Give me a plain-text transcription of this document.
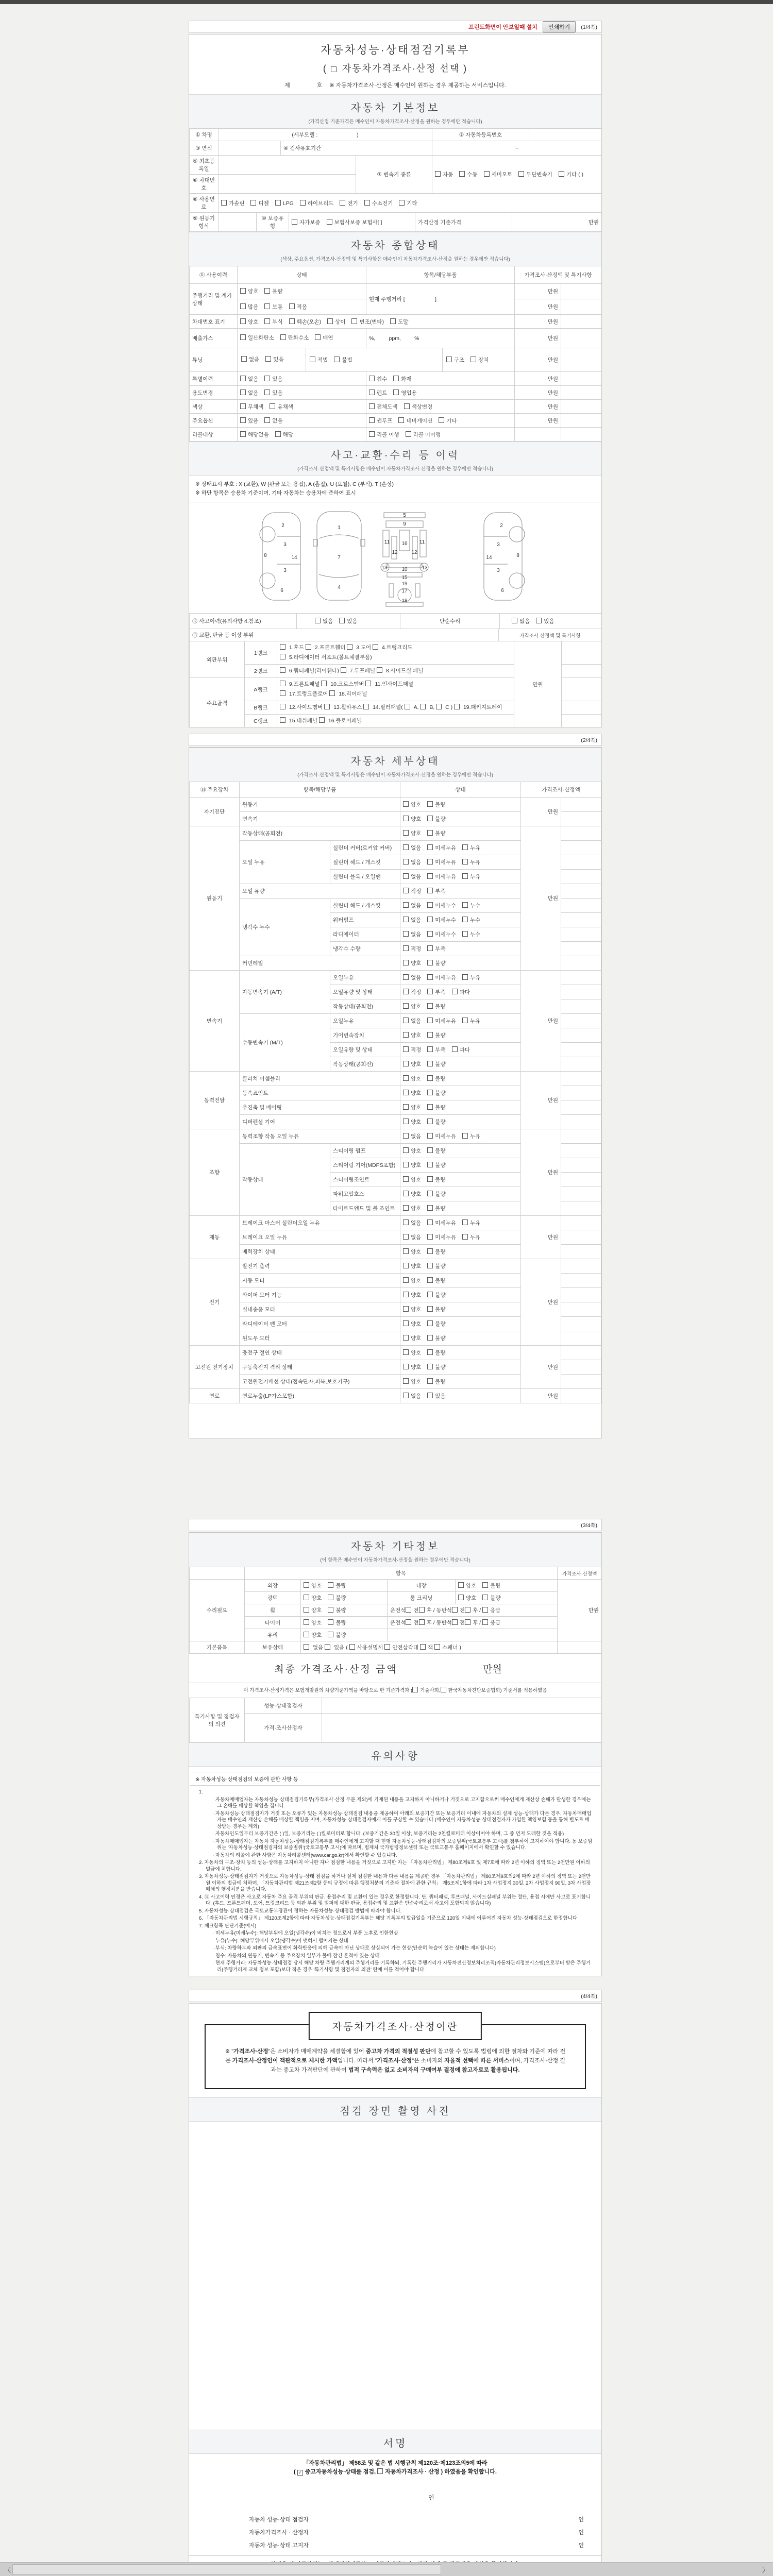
프린트화면이 안보일때 설치	인쇄하기	(1/4쪽)
자동차성능·상태점검기록부
(  자동차가격조사·산정 선택 )
제                 호 ※ 자동차가격조사·산정은 매수인이 원하는 경우 제공하는 서비스입니다.
자동차 기본정보
(가격산정 기준가격은 매수인이 자동차가격조사·산정을 원하는 경우에만 적습니다)
① 차명	(세부모델 :                          )	② 자동차등록번호	
③ 연식		④ 검사유효기간	~
⑤ 최초등록일		⑦ 변속기 종류	자동 수동 세미오토 무단변속기 기타 ( )

⑥ 차대번호			
⑧ 사용연료	가솔린	디젤	LPG	하이브리드	전기	수소전기	기타
⑨ 원동기형식		⑩ 보증유형	자가보증	보험사보증 보험사[ ]	가격산정 기준가격	만원
자동차 종합상태
(색상, 주요옵션, 가격조사·산정액 및 특기사항은 매수인이 자동차가격조사·산정을 원하는 경우에만 적습니다)
⑪ 사용이력	상태	항목/해당부품	가격조사·산정액 및 특기사항	
주행거리 및 계기상태	양호 불량	현재 주행거리 [                    ]	만원	
	많음 보통 적음		만원	
차대번호 표기	양호 부식 훼손(오손) 상이 변조(변타) 도말		만원	
배출가스	일산화탄소 탄화수소 매연	%,         ppm,         %	만원	
튜닝	없음 있음 적법 불법 구조 장치		만원	
특별이력	없음 있음	침수 화재	만원	
용도변경	없음 있음	렌트 영업용	만원	
색상	무채색 유채색	전체도색 색상변경	만원	
주요옵션	있음 없음	썬루프 네비게이션 기타	만원	
리콜대상	해당없음 해당	리콜 이행 리콜 미이행		
사고·교환·수리 등 이력
(가격조사·산정액 및 특기사항은 매수인이 자동차가격조사·산정을 원하는 경우에만 적습니다)
※ 상태표시 부호 : X (교환), W (판금 또는 용접), A (흠집), U (요철), C (부식), T (손상)
※ 하단 항목은 승용차 기준이며, 기타 자동차는 승용차에 준하여 표시
2
3
8	14
3
6
1
7
4
5
9
11	11
12	12
16
13	13
10
15
19
17
18
2
3
8
14
3
6
⑫ 사고이력(유의사항 4.참조)	없음	있음	단순수리	없음	있음
⑬ 교환, 판금 등 이상 부위	가격조사·산정액 및 특기사항
외판부위	1랭크	1.후드  2.프론트휀더  3.도어  4.트렁크리드
5.라디에이터 서포트(볼트체결부품)	만원	
	2랭크	6.쿼터패널(리어휀다)  7.루프패널  8.사이드실 패널		

주요골격	A랭크	9.프론트패널  10.크로스멤버  11.인사이드패널
17.트렁크플로어  18.리어패널		

	B랭크	12.사이드멤버  13.휠하우스  14.필러패널(  A,  B,  C )  19.패키지트레이		

	C랭크	15.대쉬패널  16.플로어패널		

(2/4쪽)
자동차 세부상태
(가격조사·산정액 및 특기사항은 매수인이 자동차가격조사·산정을 원하는 경우에만 적습니다)
⑭ 주요장치	항목/해당부품		상태	가격조사·산정액	
자기진단	원동기		양호 불량	만원	
	변속기		양호 불량		
원동기	작동상태(공회전)		양호 불량	만원	
	오일 누유	실린더 커버(로커암 커버)	없음 미세누유 누유		
		실린더 헤드 / 개스킷	없음 미세누유 누유		
		실린더 블록 / 오일팬	없음 미세누유 누유		
	오일 유량		적정 부족		
	냉각수 누수	실린더 헤드 / 개스킷	없음 미세누수 누수		
		워터펌프	없음 미세누수 누수		
		라디에이터	없음 미세누수 누수		
		냉각수 수량	적정 부족		
	커먼레일		양호 불량		
변속기	자동변속기 (A/T)	오일누유	없음 미세누유 누유	만원	
		오일유량 및 상태	적정 부족 과다		
		작동상태(공회전)	양호 불량		
	수동변속기 (M/T)	오일누유	없음 미세누유 누유		
		기어변속장치	양호 불량		
		오일유량 및 상태	적정 부족 과다		
		작동상태(공회전)	양호 불량		
동력전달	클러치 어셈블리		양호 불량	만원	
	등속죠인트		양호 불량		
	추진축 및 베어링		양호 불량		
	디퍼렌셜 기어		양호 불량		
조향	동력조향 작동 오일 누유		없음 미세누유 누유	만원	
	작동상태	스티어링 펌프	양호 불량		
		스티어링 기어(MDPS포함)	양호 불량		
		스티어링조인트	양호 불량		
		파워고압호스	양호 불량		
		타이로드엔드 및 볼 조인트	양호 불량		
제동	브레이크 마스터 실린더오일 누유		없음 미세누유 누유	만원	
	브레이크 오일 누유		없음 미세누유 누유		
	배력장치 상태		양호 불량		
전기	발전기 출력		양호 불량	만원	
	시동 모터		양호 불량		
	와이퍼 모터 기능		양호 불량		
	실내송풍 모터		양호 불량		
	라디에이터 팬 모터		양호 불량		
	윈도우 모터		양호 불량		
고전원 전기장치	충전구 절연 상태		양호 불량	만원	
	구동축전지 격리 상태		양호 불량		
	고전원전기배선 상태(접속단자,피복,보호기구)		양호 불량		
연료	연료누출(LP가스포함)		없음 있음	만원	
(3/4쪽)
자동차 기타정보
(이 항목은 매수인이 자동차가격조사·산정을 원하는 경우에만 적습니다)
	항목				가격조사·산정액
수리필요	외장	양호 불량	내장	양호 불량	만원
	광택	양호 불량	룸 크리닝	양호 불량	
	휠	양호 불량	운전석 전 후 / 동반석 전 후 / 응급		
	타이어	양호 불량	운전석 전 후 / 동반석 전 후 / 응급		
	유리	양호 불량			
기본품목	보유상태	없음  있음 ( 사용설명서 안전삼각대 잭 스패너 )			
최종 가격조사·산정 금액	만원
이 가격조사·산정가격은 보험개발원의 차량기준가액을 바탕으로 한 기준가격과 ( 기술사회, 한국자동차진단보증협회) 기준서를 적용하였음
특기사항 및 점검자의 의견	성능·상태점검자	
	가격·조사산정자	
유의사항
※ 자동차성능·상태점검의 보증에 관한 사항 등
1.
· 자동차매매업자는 자동차성능·상태점검기록부(가격조사·산정 부분 제외)에 기재된 내용을 고지하지 아니하거나 거짓으로 고지함으로써 매수인에게 재산상 손해가 발생한 경우에는 그 손해를 배상할 책임을 집니다.
· 자동차성능·상태점검자가 거짓 또는 오류가 있는 자동차성능·상태점검 내용을 제공하여 아래의 보증기간 또는 보증거리 이내에 자동차의 실제 성능·상태가 다른 경우, 자동차매매업자는 매수인의 재산상 손해를 배상할 책임을 지며, 자동차성능·상태점검자에게 이를 구상할 수 있습니다.(매수인이 자동차성능·상태점검자가 가입한 책임보험 등을 통해 별도로 배상받는 경우는 제외)
· 자동차인도일부터 보증기간은 ( )일, 보증거리는 ( )킬로미터로 합니다. (보증기간은 30일 이상, 보증거리는 2천킬로미터 이상이어야 하며, 그 중 먼저 도래한 것을 적용)
· 자동차매매업자는 자동차 자동차성능·상태점검기록부를 매수인에게 고지할 때 현행 자동차성능·상태점검자의 보증범위(국토교통부 고시)를 첨부하여 고지하여야 합니다. 동 보증범위는 '자동차성능·상태점검자의 보증범위'(국토교통부 고시)에 따르며, 법제처 국가법령정보센터 또는 국토교통부 홈페이지에서 확인할 수 있습니다.
· 자동차의 리콜에 관한 사항은 자동차리콜센터(www.car.go.kr)에서 확인할 수 있습니다.
2. 자동차의 구조·장치 등의 성능·상태를 고지하지 아니한 자나 점검한 내용을 거짓으로 고지한 자는 「자동차관리법」 제80조제6호 및 제7호에 따라 2년 이하의 징역 또는 2천만원 이하의 벌금에 처합니다.
3. 자동차성능·상태점검자가 거짓으로 자동차성능·상태 점검을 하거나 실제 점검한 내용과 다른 내용을 제공한 경우 「자동차관리법」 제80조제9호의2에 따라 2년 이하의 징역 또는 2천만원 이하의 벌금에 처하며, 「자동차관리법 제21조제2항 등의 규정에 따른 행정처분의 기준과 절차에 관한 규칙」 제5조제1항에 따라 1차 사업정지 30일, 2차 사업정지 90일, 3차 사업장 폐쇄의 행정처분을 받습니다.
4. ⑫ 사고이력 인정은 사고로 자동차 주요 골격 부위의 판금, 용접수리 및 교환이 있는 경우로 한정합니다. 단, 쿼터패널, 루프패널, 사이드실패널 부위는 절단, 용접 시에만 사고로 표기합니다. (후드, 프론트펜더, 도어, 트렁크리드 등 외판 부위 및 범퍼에 대한 판금, 용접수리 및 교환은 단순수리로서 사고에 포함되지 않습니다)
5. 자동차성능·상태점검은 국토교통부장관이 정하는 자동차성능·상태점검 방법에 따라야 합니다.
6. 「자동차관리법 시행규칙」 제120조제2항에 따라 자동차성능·상태점검기록부는 해당 기록부의 발급일을 기준으로 120일 이내에 이루어진 자동차 성능·상태점검으로 한정합니다
7. 체크항목 판단기준(예시)
· 미세누유(미세누수): 해당부위에 오일(냉각수)이 비치는 정도로서 부품 노후로 인한현상
· 누유(누수): 해당부위에서 오일(냉각수)이 맺혀서 떨어지는 상태
· 부식: 차량하부와 외판의 금속표면이 화학반응에 의해 금속이 아닌 상태로 상실되어 가는 현상(단순히 녹슬어 있는 상태는 제외합니다)
· 침수: 자동차의 원동기, 변속기 등 주요장치 일부가 물에 잠긴 흔적이 있는 상태
· 현재 주행거리: 자동차성능·상태점검 당시 해당 차량 주행거리계의 주행거리를 기록하되, 기록한 주행거리가 자동차전산정보처리조직(자동차관리정보시스템)으로부터 받은 주행거리(주행거리계 교체 정보 포함)보다 적은 경우 '특기사항 및 점검자의 의견' 란에 이를 적어야 합니다.
(4/4쪽)
자동차가격조사·산정이란
※ "가격조사·산정"은 소비자가 매매계약을 체결함에 있어 중고차 가격의 적절성 판단에 참고할 수 있도록 법령에 의한 절차와 기준에 따라 전문 가격조사·산정인이 객관적으로 제시한 가액입니다. 따라서 "가격조사·산정"은 소비자의 자율적 선택에 따른 서비스이며, 가격조사·산정 결과는 중고차 가격판단에 관하여 법적 구속력은 없고 소비자의 구매여부 결정에 참고자료로 활용됩니다.
점검 장면 촬영 사진
서명
「자동차관리법」 제58조 및 같은 법 시행규칙 제120조·제123조의5에 따라
( ✓ 중고자동차성능·상태를 점검, 자동차가격조사 · 산정 ) 하였음을 확인합니다.
인
자동차 성능·상태 점검자	인
자동차가격조사 · 산정자	인
자동차 성능·상태 고지자	인
〈	〉
